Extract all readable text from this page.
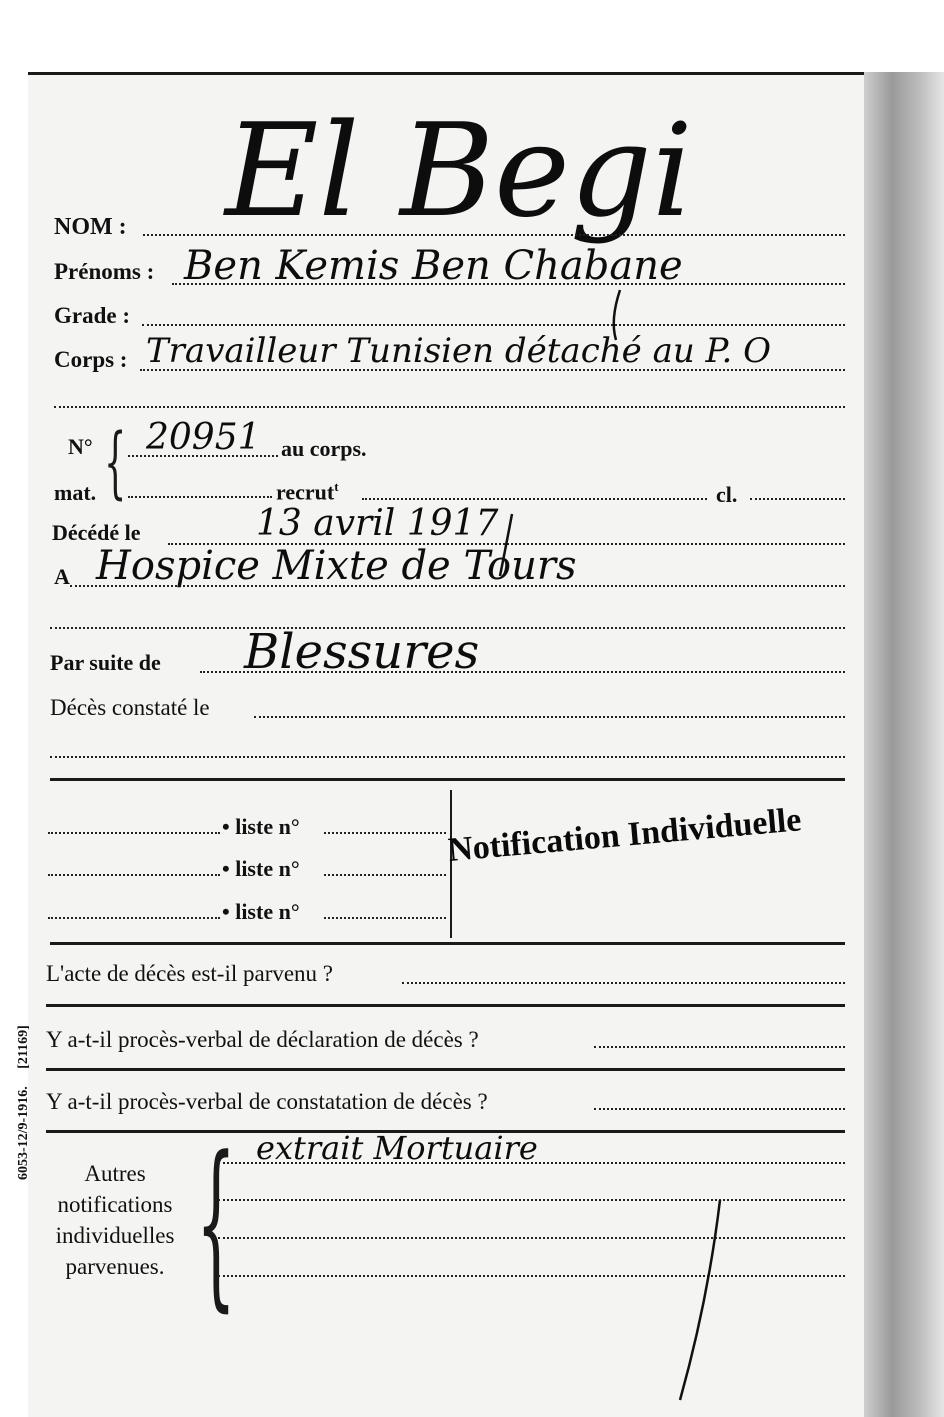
El Begi
NOM :
Prénoms : Ben Kemis Ben Chabane
Grade :
Corps : Travailleur Tunisien détaché au P. O
N°
mat. { 20951 au corps.
recrut$^t$	cl.
Décédé le	13 avril 1917
A Hospice Mixte de Tours
Par suite de Blessures
Décès constaté le
• liste n°
• liste n°
• liste n°
Notification Individuelle
L'acte de décès est-il parvenu ?
Y a-t-il procès-verbal de déclaration de décès ?
Y a-t-il procès-verbal de constatation de décès ?
Autres
notifications
individuelles
parvenues. { extrait Mortuaire
6053-12/9-1916. [21169]
